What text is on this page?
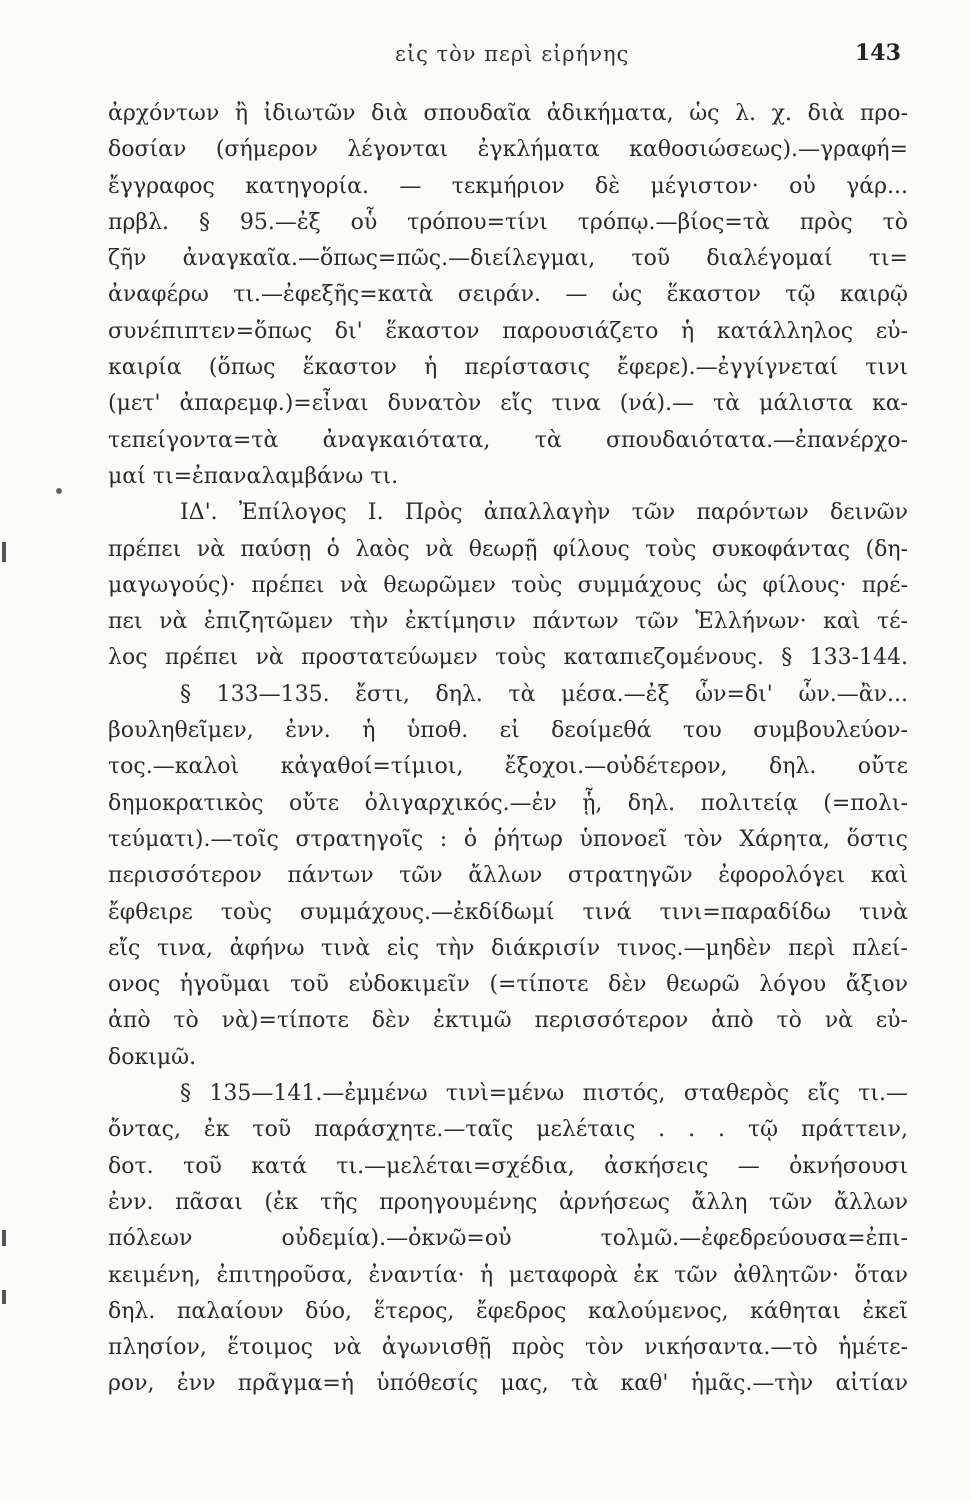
εἰς τὸν περὶ εἰρήνης	143
ἀρχόντων ἢ ἰδιωτῶν διὰ σπουδαῖα ἀδικήματα, ὡς λ. χ. διὰ προ-
δοσίαν (σήμερον λέγονται ἐγκλήματα καθοσιώσεως).—γραφή=
ἔγγραφος κατηγορία. — τεκμήριον δὲ μέγιστον· οὐ γάρ...
πρβλ. § 95.—ἐξ οὗ τρόπου=τίνι τρόπῳ.—βίος=τὰ πρὸς τὸ
ζῆν ἀναγκαῖα.—ὅπως=πῶς.—διείλεγμαι, τοῦ διαλέγομαί τι=
ἀναφέρω τι.—ἐφεξῆς=κατὰ σειράν. — ὡς ἕκαστον τῷ καιρῷ
συνέπιπτεν=ὅπως δι' ἕκαστον παρουσιάζετο ἡ κατάλληλος εὐ-
καιρία (ὅπως ἕκαστον ἡ περίστασις ἔφερε).—ἐγγίγνεταί τινι
(μετ' ἀπαρεμφ.)=εἶναι δυνατὸν εἴς τινα (νά).— τὰ μάλιστα κα-
τεπείγοντα=τὰ ἀναγκαιότατα, τὰ σπουδαιότατα.—ἐπανέρχο-
μαί τι=ἐπαναλαμβάνω τι.
ΙΔ'. Ἐπίλογος Ι. Πρὸς ἀπαλλαγὴν τῶν παρόντων δεινῶν
πρέπει νὰ παύσῃ ὁ λαὸς νὰ θεωρῇ φίλους τοὺς συκοφάντας (δη-
μαγωγούς)· πρέπει νὰ θεωρῶμεν τοὺς συμμάχους ὡς φίλους· πρέ-
πει νὰ ἐπιζητῶμεν τὴν ἐκτίμησιν πάντων τῶν Ἑλλήνων· καὶ τέ-
λος πρέπει νὰ προστατεύωμεν τοὺς καταπιεζομένους. § 133-144.
§ 133—135. ἔστι, δηλ. τὰ μέσα.—ἐξ ὧν=δι' ὧν.—ἂν...
βουληθεῖμεν, ἐνν. ἡ ὑποθ. εἰ δεοίμεθά του συμβουλεύον-
τος.—καλοὶ κἀγαθοί=τίμιοι, ἔξοχοι.—οὐδέτερον, δηλ. οὔτε
δημοκρατικὸς οὔτε ὀλιγαρχικός.—ἐν ᾗ, δηλ. πολιτείᾳ (=πολι-
τεύματι).—τοῖς στρατηγοῖς : ὁ ῥήτωρ ὑπονοεῖ τὸν Χάρητα, ὅστις
περισσότερον πάντων τῶν ἄλλων στρατηγῶν ἐφορολόγει καὶ
ἔφθειρε τοὺς συμμάχους.—ἐκδίδωμί τινά τινι=παραδίδω τινὰ
εἴς τινα, ἀφήνω τινὰ εἰς τὴν διάκρισίν τινος.—μηδὲν περὶ πλεί-
ονος ἡγοῦμαι τοῦ εὐδοκιμεῖν (=τίποτε δὲν θεωρῶ λόγου ἄξιον
ἀπὸ τὸ νὰ)=τίποτε δὲν ἐκτιμῶ περισσότερον ἀπὸ τὸ νὰ εὐ-
δοκιμῶ.
§ 135—141.—ἐμμένω τινὶ=μένω πιστός, σταθερὸς εἴς τι.—
ὄντας, ἐκ τοῦ παράσχητε.—ταῖς μελέταις . . . τῷ πράττειν,
δοτ. τοῦ κατά τι.—μελέται=σχέδια, ἀσκήσεις — ὀκνήσουσι
ἐνν. πᾶσαι (ἐκ τῆς προηγουμένης ἀρνήσεως ἄλλη τῶν ἄλλων
πόλεων οὐδεμία).—ὀκνῶ=οὐ τολμῶ.—ἐφεδρεύουσα=ἐπι-
κειμένη, ἐπιτηροῦσα, ἐναντία· ἡ μεταφορὰ ἐκ τῶν ἀθλητῶν· ὅταν
δηλ. παλαίουν δύο, ἕτερος, ἔφεδρος καλούμενος, κάθηται ἐκεῖ
πλησίον, ἕτοιμος νὰ ἀγωνισθῇ πρὸς τὸν νικήσαντα.—τὸ ἡμέτε-
ρον, ἐνν πρᾶγμα=ἡ ὑπόθεσίς μας, τὰ καθ' ἡμᾶς.—τὴν αἰτίαν
